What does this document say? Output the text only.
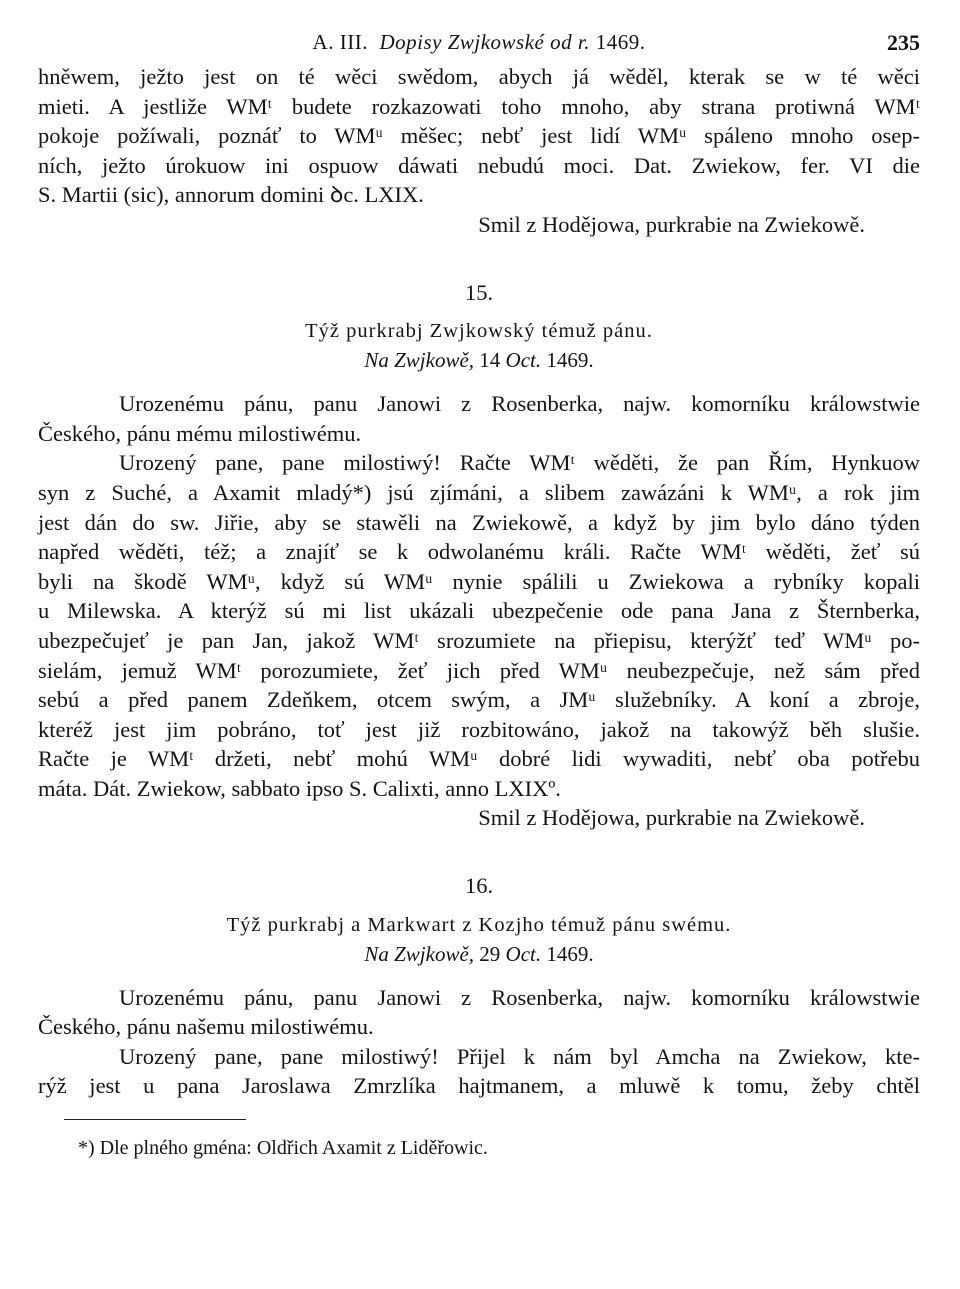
A. III. Dopisy Zwjkowské od r. 1469.	235
hněwem, ježto jest on té wěci swědom, abych já wěděl, kterak se w té wěci
mieti. A jestliže WMᵗ budete rozkazowati toho mnoho, aby strana protiwná WMᵗ
pokoje požíwali, poznáť to WMᵘ měšec; nebť jest lidí WMᵘ spáleno mnoho osep-
ních, ježto úrokuow ini ospuow dáwati nebudú moci. Dat. Zwiekow, fer. VI die
S. Martii (sic), annorum domini ꝺc. LXIX.
Smil z Hodějowa, purkrabie na Zwiekowě.
15.
Týž purkrabj Zwjkowský témuž pánu.
Na Zwjkowě, 14 Oct. 1469.
Urozenému pánu, panu Janowi z Rosenberka, najw. komorníku králowstwie
Českého, pánu mému milostiwému.
Urozený pane, pane milostiwý! Račte WMᵗ wěděti, že pan Řím, Hynkuow
syn z Suché, a Axamit mladý*) jsú zjímáni, a slibem zawázáni k WMᵘ, a rok jim
jest dán do sw. Jiřie, aby se stawěli na Zwiekowě, a když by jim bylo dáno týden
napřed wěděti, též; a znajíť se k odwolanému králi. Račte WMᵗ wěděti, žeť sú
byli na škodě WMᵘ, když sú WMᵘ nynie spálili u Zwiekowa a rybníky kopali
u Milewska. A kterýž sú mi list ukázali ubezpečenie ode pana Jana z Šternberka,
ubezpečujeť je pan Jan, jakož WMᵗ srozumiete na přiepisu, kterýžť teď WMᵘ po-
sielám, jemuž WMᵗ porozumiete, žeť jich před WMᵘ neubezpečuje, než sám před
sebú a před panem Zdeňkem, otcem swým, a JMᵘ služebníky. A koní a zbroje,
kteréž jest jim pobráno, toť jest již rozbitowáno, jakož na takowýž běh slušie.
Račte je WMᵗ držeti, nebť mohú WMᵘ dobré lidi wywaditi, nebť oba potřebu
máta. Dát. Zwiekow, sabbato ipso S. Calixti, anno LXIXº.
Smil z Hodějowa, purkrabie na Zwiekowě.
16.
Týž purkrabj a Markwart z Kozjho témuž pánu swému.
Na Zwjkowě, 29 Oct. 1469.
Urozenému pánu, panu Janowi z Rosenberka, najw. komorníku králowstwie
Českého, pánu našemu milostiwému.
Urozený pane, pane milostiwý! Přijel k nám byl Amcha na Zwiekow, kte-
rýž jest u pana Jaroslawa Zmrzlíka hajtmanem, a mluwě k tomu, žeby chtěl
*) Dle plného gména: Oldřich Axamit z Liděřowic.
